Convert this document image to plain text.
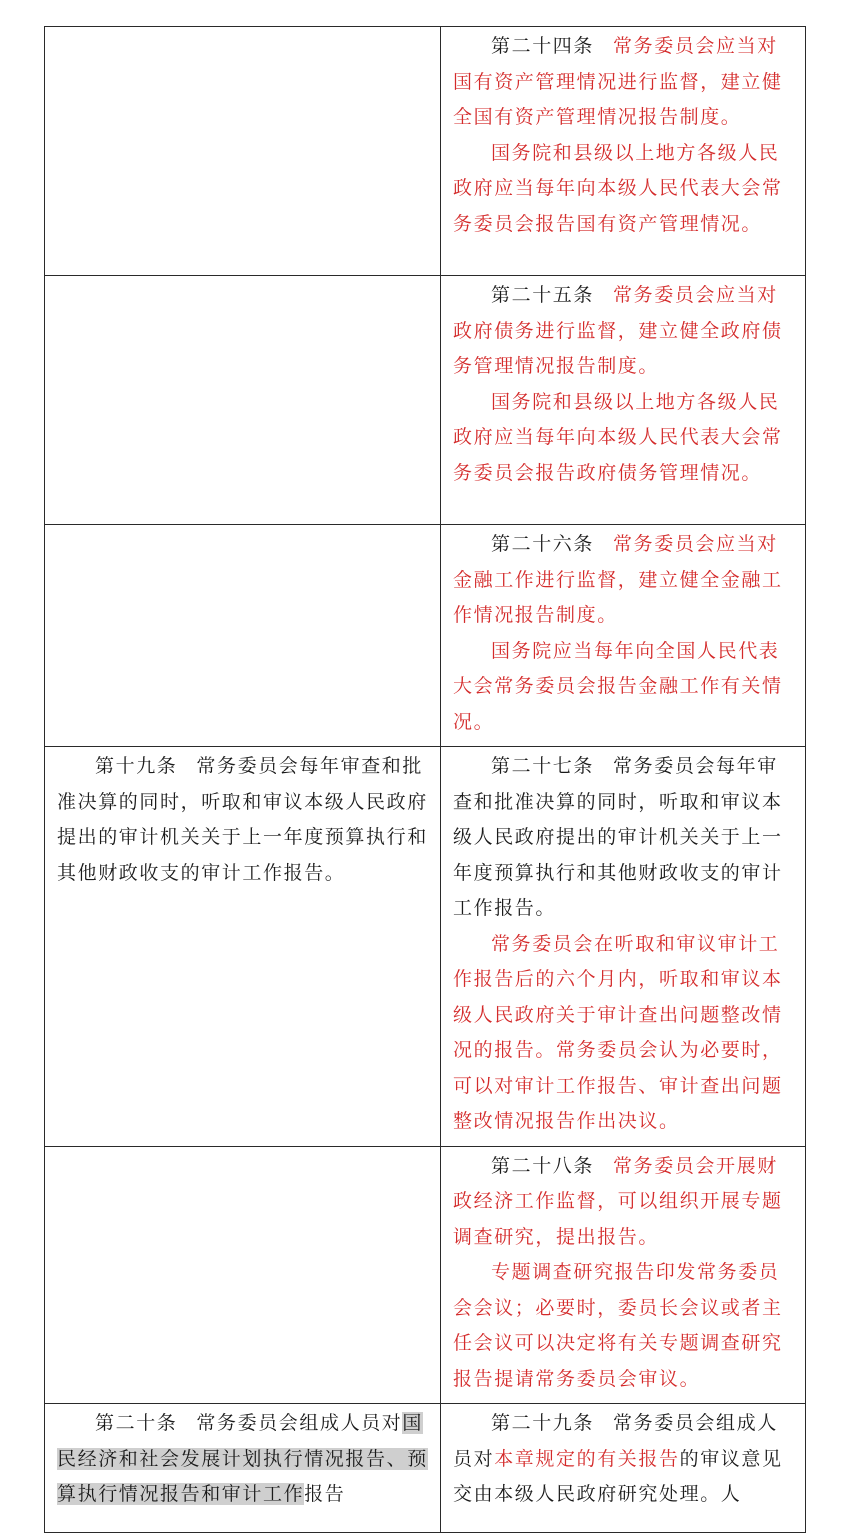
	第二十四条 常务委员会应当对国有资产管理情况进行监督，建立健全国有资产管理情况报告制度。

国务院和县级以上地方各级人民政府应当每年向本级人民代表大会常务委员会报告国有资产管理情况。

	第二十五条 常务委员会应当对政府债务进行监督，建立健全政府债务管理情况报告制度。

国务院和县级以上地方各级人民政府应当每年向本级人民代表大会常务委员会报告政府债务管理情况。

	第二十六条 常务委员会应当对金融工作进行监督，建立健全金融工作情况报告制度。

国务院应当每年向全国人民代表大会常务委员会报告金融工作有关情况。

第十九条 常务委员会每年审查和批准决算的同时，听取和审议本级人民政府提出的审计机关关于上一年度预算执行和其他财政收支的审计工作报告。	第二十七条 常务委员会每年审查和批准决算的同时，听取和审议本级人民政府提出的审计机关关于上一年度预算执行和其他财政收支的审计工作报告。

常务委员会在听取和审议审计工作报告后的六个月内，听取和审议本级人民政府关于审计查出问题整改情况的报告。常务委员会认为必要时，可以对审计工作报告、审计查出问题整改情况报告作出决议。

	第二十八条 常务委员会开展财政经济工作监督，可以组织开展专题调查研究，提出报告。

专题调查研究报告印发常务委员会会议；必要时，委员长会议或者主任会议可以决定将有关专题调查研究报告提请常务委员会审议。

第二十条 常务委员会组成人员对国民经济和社会发展计划执行情况报告、预算执行情况报告和审计工作报告	第二十九条 常务委员会组成人员对本章规定的有关报告的审议意见交由本级人民政府研究处理。人
